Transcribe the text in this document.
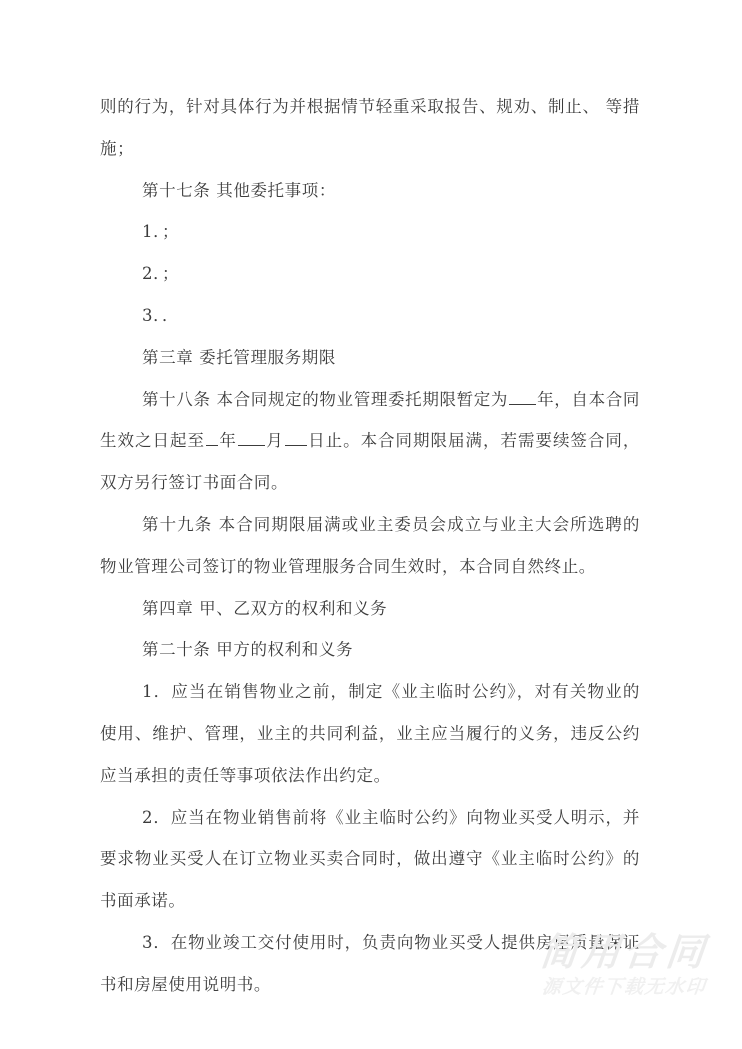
则的行为，针对具体行为并根据情节轻重采取报告、规劝、制止、 等措施；

第十七条 其他委托事项：

1．；

2．；

3．．

第三章 委托管理服务期限

第十八条 本合同规定的物业管理委托期限暂定为 年，自本合同生效之日起至 年 月 日止。本合同期限届满，若需要续签合同，双方另行签订书面合同。

第十九条 本合同期限届满或业主委员会成立与业主大会所选聘的物业管理公司签订的物业管理服务合同生效时，本合同自然终止。

第四章 甲、乙双方的权利和义务

第二十条 甲方的权利和义务

1．应当在销售物业之前，制定《业主临时公约》，对有关物业的使用、维护、管理，业主的共同利益，业主应当履行的义务，违反公约应当承担的责任等事项依法作出约定。

2．应当在物业销售前将《业主临时公约》向物业买受人明示，并要求物业买受人在订立物业买卖合同时，做出遵守《业主临时公约》的书面承诺。

3．在物业竣工交付使用时，负责向物业买受人提供房屋质量保证书和房屋使用说明书。

简用合同
源文件下载无水印
